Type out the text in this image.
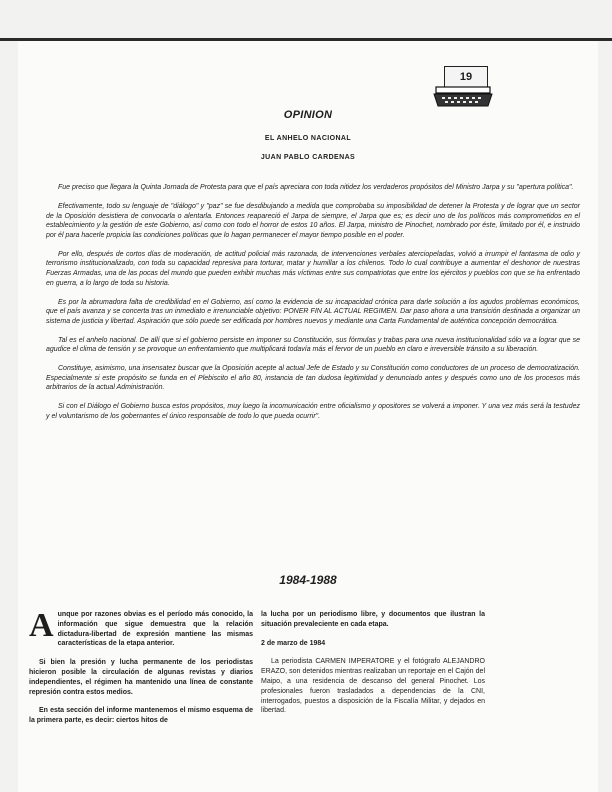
19
OPINION
EL ANHELO NACIONAL
JUAN PABLO CARDENAS

Fue preciso que llegara la Quinta Jornada de Protesta para que el país apreciara con toda nitidez los verdaderos propósitos del Ministro Jarpa y su "apertura política".

Efectivamente, todo su lenguaje de "diálogo" y "paz" se fue desdibujando a medida que comprobaba su imposibilidad de detener la Protesta y de lograr que un sector de la Oposición desistiera de convocarla o alentarla. Entonces reapareció el Jarpa de siempre, el Jarpa que es; es decir uno de los políticos más comprometidos en el establecimiento y la gestión de este Gobierno, así como con todo el horror de estos 10 años. El Jarpa, ministro de Pinochet, nombrado por éste, limitado por él, e instruido por él para hacerle propicia las condiciones políticas que lo hagan permanecer el mayor tiempo posible en el poder.

Por ello, después de cortos días de moderación, de actitud policial más razonada, de intervenciones verbales aterciopeladas, volvió a irrumpir el fantasma de odio y terrorismo institucionalizado, con toda su capacidad represiva para torturar, matar y humillar a los chilenos. Todo lo cual contribuye a aumentar el deshonor de nuestras Fuerzas Armadas, una de las pocas del mundo que pueden exhibir muchas más víctimas entre sus compatriotas que entre los ejércitos y pueblos con que se ha enfrentado en guerra, a lo largo de toda su historia.

Es por la abrumadora falta de credibilidad en el Gobierno, así como la evidencia de su incapacidad crónica para darle solución a los agudos problemas económicos, que el país avanza y se concerta tras un inmediato e irrenunciable objetivo: PONER FIN AL ACTUAL REGIMEN. Dar paso ahora a una transición destinada a organizar un sistema de justicia y libertad. Aspiración que sólo puede ser edificada por hombres nuevos y mediante una Carta Fundamental de auténtica concepción democrática.

Tal es el anhelo nacional. De allí que si el gobierno persiste en imponer su Constitución, sus fórmulas y trabas para una nueva institucionalidad sólo va a lograr que se agudice el clima de tensión y se provoque un enfrentamiento que multiplicará todavía más el fervor de un pueblo en claro e irreversible tránsito a su liberación.

Constituye, asimismo, una insensatez buscar que la Oposición acepte al actual Jefe de Estado y su Constitución como conductores de un proceso de democratización. Especialmente si este propósito se funda en el Plebiscito el año 80, instancia de tan dudosa legitimidad y denunciado antes y después como uno de los procesos más arbitrarios de la actual Administración.

Si con el Diálogo el Gobierno busca estos propósitos, muy luego la incomunicación entre oficialismo y opositores se volverá a imponer. Y una vez más será la testudez y el voluntarismo de los gobernantes el único responsable de todo lo que pueda ocurrir".

1984-1988

Aunque por razones obvias es el período más conocido, la información que sigue demuestra que la relación dictadura-libertad de expresión mantiene las mismas características de la etapa anterior.

Si bien la presión y lucha permanente de los periodistas hicieron posible la circulación de algunas revistas y diarios independientes, el régimen ha mantenido una línea de constante represión contra estos medios.

En esta sección del informe mantenemos el mismo esquema de la primera parte, es decir: ciertos hitos de

la lucha por un periodismo libre, y documentos que ilustran la situación prevaleciente en cada etapa.

2 de marzo de 1984

La periodista CARMEN IMPERATORE y el fotógrafo ALEJANDRO ERAZO, son detenidos mientras realizaban un reportaje en el Cajón del Maipo, a una residencia de descanso del general Pinochet. Los profesionales fueron trasladados a dependencias de la CNI, interrogados, puestos a disposición de la Fiscalía Militar, y dejados en libertad.
